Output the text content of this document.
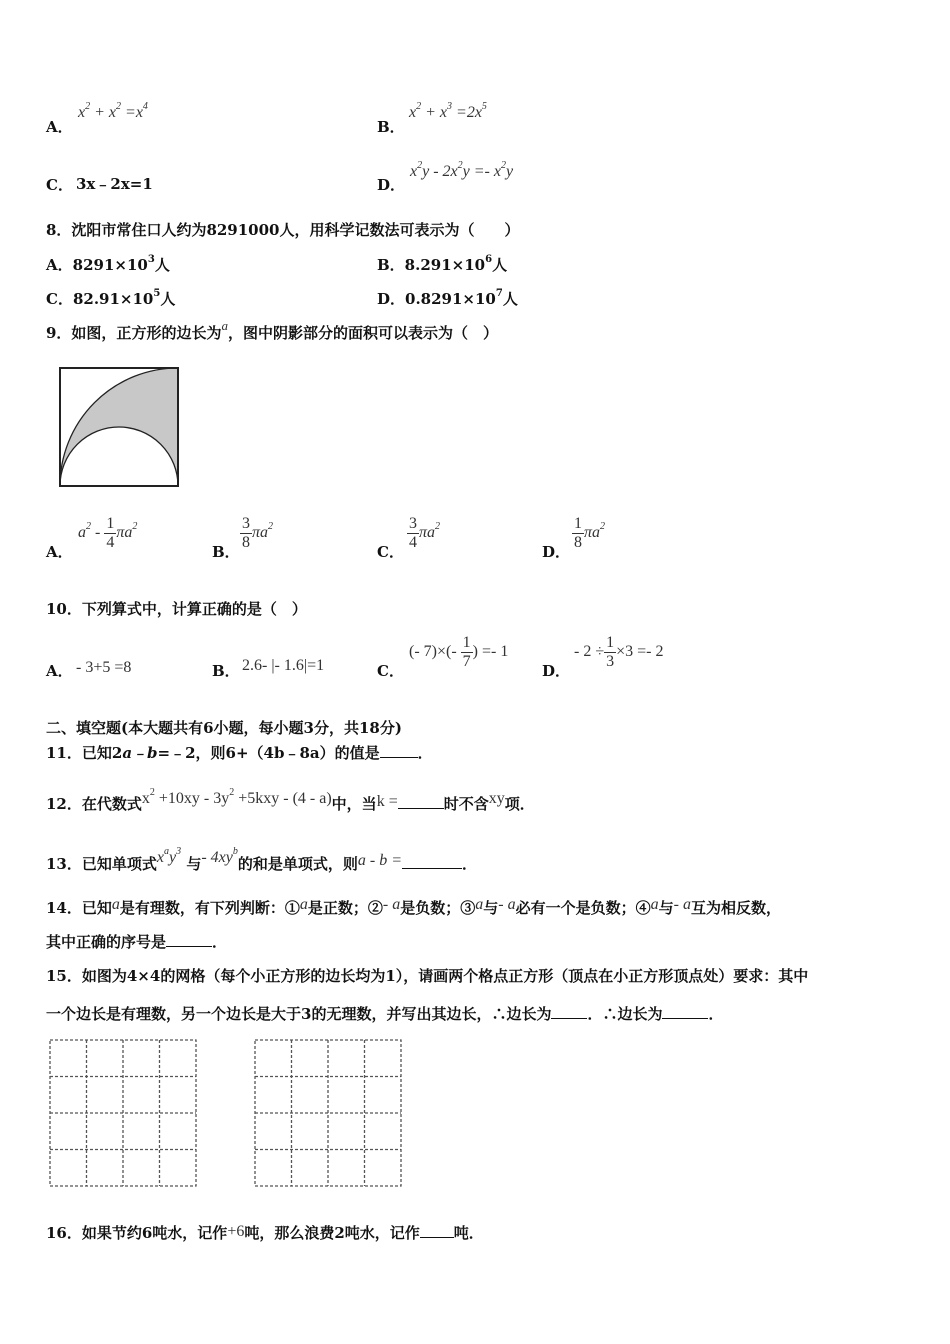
A．
$x^2 + x^2 =x^4$
B．
$x^2 + x^3 =2x^5$
C． 3x﹣2x=1	D．
$x^2y - 2x^2y =- x^2y$
8．沈阳市常住口人约为8291000人，用科学记数法可表示为（　　）
A．$8291\times 10^3$人	B．$8.291\times 10^6$人
C．$82.91\times 10^5$人	D．$0.8291\times 10^7$人
9．如图，正方形的边长为$^a$，图中阴影部分的面积可以表示为（　）
A．
$a^2 - \frac{1}{4} \pi a^2$
B． $\frac{3}{8} \pi a^2$
C． $\frac{3}{4} \pi a^2$
D． $\frac{1}{8} \pi a^2$
10．下列算式中，计算正确的是（　）
A． - 3+5 =8	B． 2.6- |- 1.6|=1	C．
(- $7)\times(- \frac{1}{7}$ ) =- 1
D．
- $2 \div \frac{1}{3} \times 3 =- 2$
二、填空题(本大题共有6小题，每小题3分，共18分)
11．已知2a﹣b=﹣2，则6+（4b﹣8a）的值是	．
12．在代数式$x^2 +10xy - 3y^2 +5kxy - (4 - a)$中，当k =	时不含xy项．
13．已知单项式$x^ay^3$ 与- $4xy^b$的和是单项式，则a - b =	．
14．已知a是有理数，有下列判断：①a是正数；②- a是负数；③a与- a必有一个是负数；④a与- a互为相反数，
其中正确的序号是	．
15．如图为4×4的网格（每个小正方形的边长均为1），请画两个格点正方形（顶点在小正方形顶点处）要求：其中
一个边长是有理数，另一个边长是大于3的无理数，并写出其边长，∴边长为 ．∴边长为	．
16．如果节约6吨水，记作+6吨，那么浪费2吨水，记作 吨．
